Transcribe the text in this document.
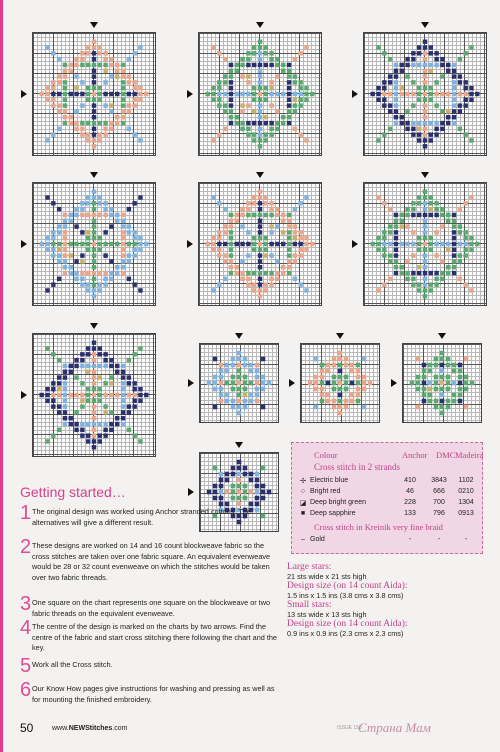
Colour	Anchor DMC Madeira
Cross stitch in 2 strands
✢ Electric blue	410	3843	1102
○ Bright red	46	666	0210
◪ Deep bright green	228	700	1304
■ Deep sapphire	133	796	0913
Cross stitch in Kreinik very fine braid
– Gold	-	-	-
Getting started…
1 The original design was worked using Anchor stranded cottons. The alternatives will give a different result.
2 These designs are worked on 14 and 16 count blockweave fabric so the cross stitches are taken over one fabric square. An equivalent evenweave would be 28 or 32 count evenweave on which the stitches would be taken over two fabric threads.
3 One square on the chart represents one square on the blockweave or two fabric threads on the equivalent evenweave.
4 The centre of the design is marked on the charts by two arrows. Find the centre of the fabric and start cross stitching there following the chart and the key.
5 Work all the Cross stitch.
6 Our Know How pages give instructions for washing and pressing as well as for mounting the finished embroidery.
Large stars:
21 sts wide x 21 sts high
Design size (on 14 count Aida):
1.5 ins x 1.5 ins (3.8 cms x 3.8 cms)
Small stars:
13 sts wide x 13 sts high
Design size (on 14 count Aida):
0.9 ins x 0.9 ins (2.3 cms x 2.3 cms)
50	www.NEWStitches.com	ISSUE 153
Страна Мам
